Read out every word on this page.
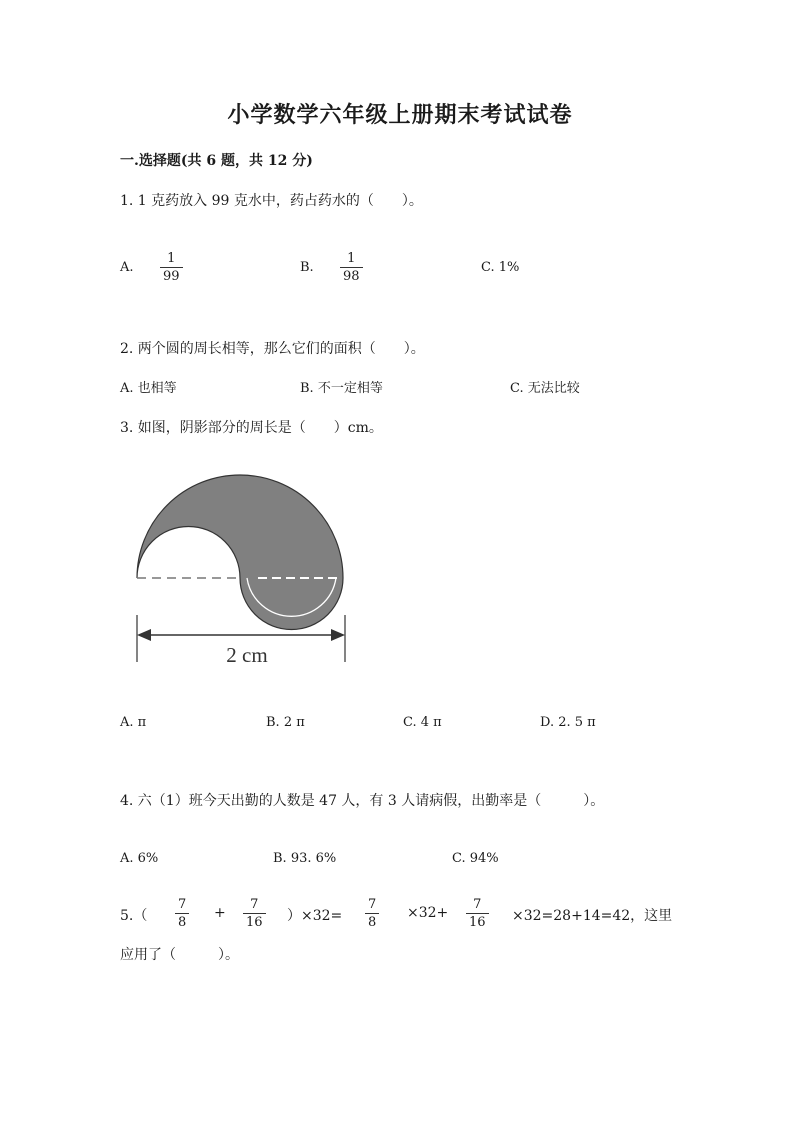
小学数学六年级上册期末考试试卷
一.选择题(共 6 题，共 12 分)
1. 1 克药放入 99 克水中，药占药水的（　　）。
A.
1
99
B.
1
98
C. 1%
2. 两个圆的周长相等，那么它们的面积（　　）。
A. 也相等	B. 不一定相等	C. 无法比较
3. 如图，阴影部分的周长是（　　）cm。
2 cm
A. π	B. 2 π	C. 4 π	D. 2. 5 π
4. 六（1）班今天出勤的人数是 47 人，有 3 人请病假，出勤率是（　　　）。
A. 6%	B. 93. 6%	C. 94%
5.（
7
8
+
7
16 ）×32=
7
8
×32+
7
16 ×32=28+14=42，这里
应用了（　　　）。
